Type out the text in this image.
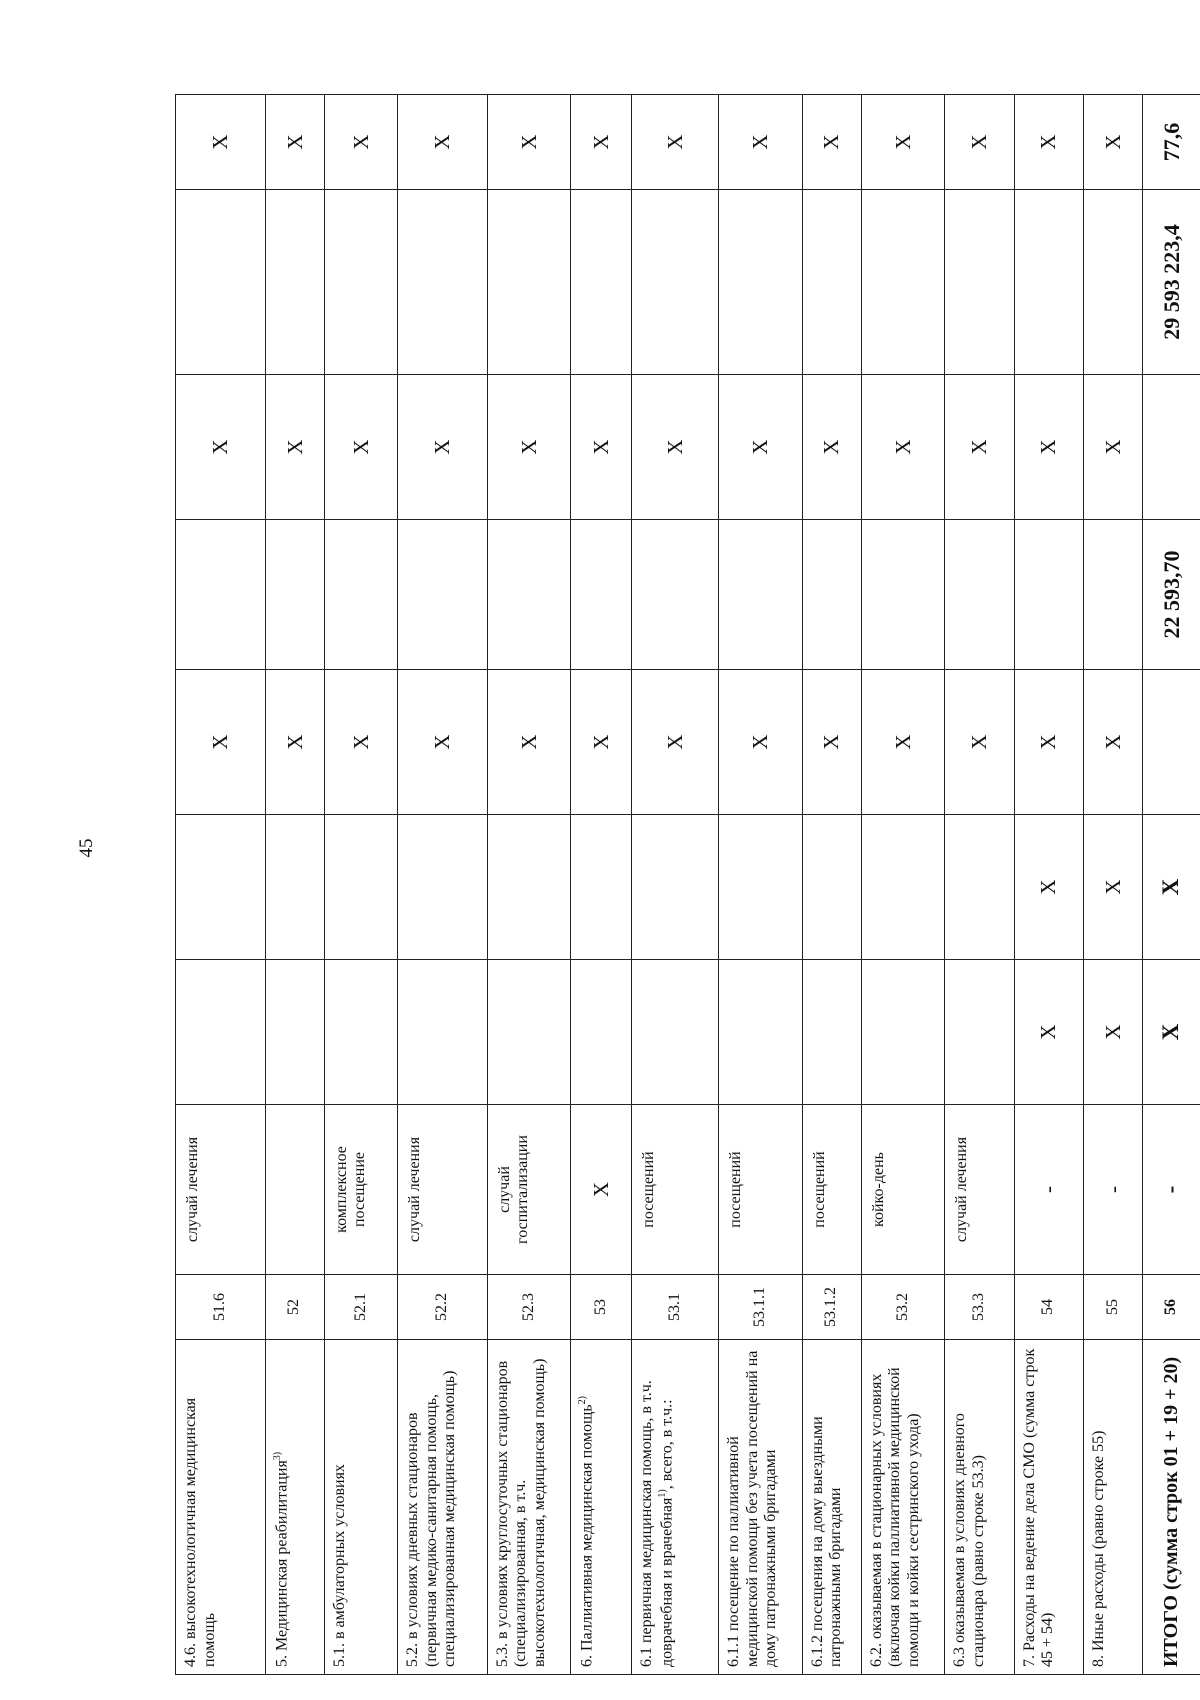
45
4.6. высокотехнологичная медицинская помощь	51.6	случай лечения			X		X		X
5. Медицинская реабилитация$^{3)}$	52				X		X		X
5.1. в амбулаторных условиях	52.1	комплексное посещение			X		X		X
5.2. в условиях дневных стационаров (первичная медико-санитарная помощь, специализированная медицинская помощь)	52.2	случай лечения			X		X		X
5.3. в условиях круглосуточных стационаров (специализированная, в т.ч. высокотехнологичная, медицинская помощь)	52.3	случай госпитализации			X		X		X
6. Паллиативная медицинская помощь$^{2)}$	53	X			X		X		X
6.1 первичная медицинская помощь, в т.ч. доврачебная и врачебная$^{1)}$, всего, в т.ч.:	53.1	посещений			X		X		X
6.1.1 посещение по паллиативной медицинской помощи без учета посещений на дому патронажными бригадами	53.1.1	посещений			X		X		X
6.1.2 посещения на дому выездными патронажными бригадами	53.1.2	посещений			X		X		X
6.2. оказываемая в стационарных условиях (включая койки паллиативной медицинской помощи и койки сестринского ухода)	53.2	койко-день			X		X		X
6.3 оказываемая в условиях дневного стационара (равно строке 53.3)	53.3	случай лечения			X		X		X
7. Расходы на ведение дела СМО (сумма строк 45 + 54)	54	-	X	X	X		X		X
8. Иные расходы (равно строке 55)	55	-	X	X	X		X		X
ИТОГО (сумма строк 01 + 19 + 20)	56	-	X	X		22 593,70		29 593 223,4	77,6
